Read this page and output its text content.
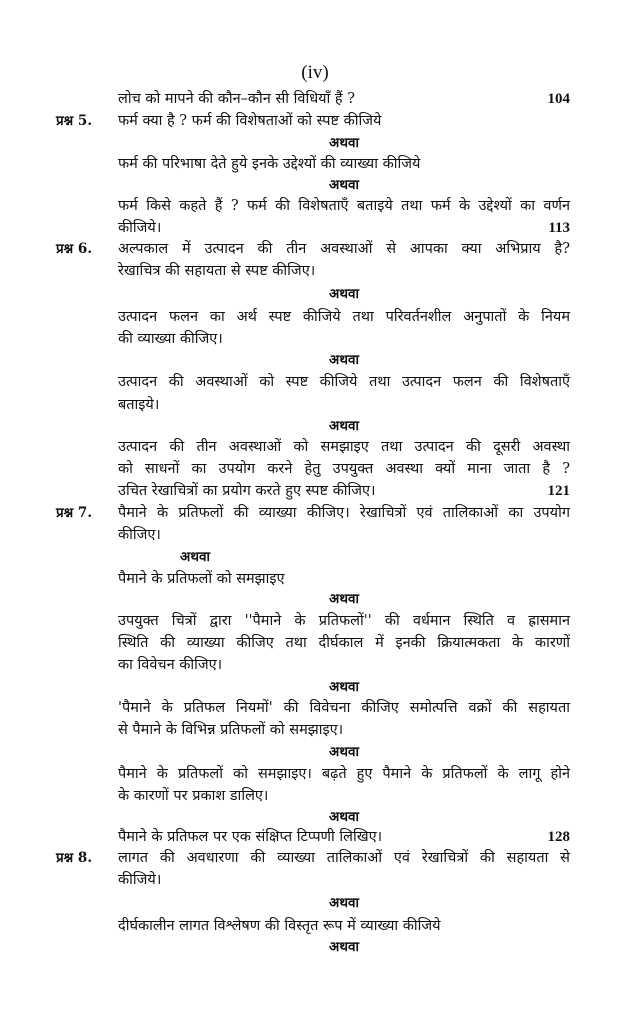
(iv)
लोच को मापने की कौन–कौन सी विधियाँ हैं ?	104
प्रश्न 5.	फर्म क्या है ? फर्म की विशेषताओं को स्पष्ट कीजिये
अथवा
फर्म की परिभाषा देते हुये इनके उद्देश्यों की व्याख्या कीजिये
अथवा
फर्म किसे कहते हैं ? फर्म की विशेषताएँ बताइये तथा फर्म के उद्देश्यों का वर्णन
कीजिये।	113
प्रश्न 6.	अल्पकाल में उत्पादन की तीन अवस्थाओं से आपका क्या अभिप्राय है?
रेखाचित्र की सहायता से स्पष्ट कीजिए।
अथवा
उत्पादन फलन का अर्थ स्पष्ट कीजिये तथा परिवर्तनशील अनुपातों के नियम
की व्याख्या कीजिए।
अथवा
उत्पादन की अवस्थाओं को स्पष्ट कीजिये तथा उत्पादन फलन की विशेषताएँ
बताइये।
अथवा
उत्पादन की तीन अवस्थाओं को समझाइए तथा उत्पादन की दूसरी अवस्था
को साधनों का उपयोग करने हेतु उपयुक्त अवस्था क्यों माना जाता है ?
उचित रेखाचित्रों का प्रयोग करते हुए स्पष्ट कीजिए।	121
प्रश्न 7.	पैमाने के प्रतिफलों की व्याख्या कीजिए। रेखाचित्रों एवं तालिकाओं का उपयोग
कीजिए।
अथवा
पैमाने के प्रतिफलों को समझाइए
अथवा
उपयुक्त चित्रों द्वारा ''पैमाने के प्रतिफलों'' की वर्धमान स्थिति व ह्रासमान
स्थिति की व्याख्या कीजिए तथा दीर्घकाल में इनकी क्रियात्मकता के कारणों
का विवेचन कीजिए।
अथवा
'पैमाने के प्रतिफल नियमों' की विवेचना कीजिए समोत्पत्ति वक्रों की सहायता
से पैमाने के विभिन्न प्रतिफलों को समझाइए।
अथवा
पैमाने के प्रतिफलों को समझाइए। बढ़ते हुए पैमाने के प्रतिफलों के लागू होने
के कारणों पर प्रकाश डालिए।
अथवा
पैमाने के प्रतिफल पर एक संक्षिप्त टिप्पणी लिखिए।	128
प्रश्न 8.	लागत की अवधारणा की व्याख्या तालिकाओं एवं रेखाचित्रों की सहायता से
कीजिये।
अथवा
दीर्घकालीन लागत विश्लेषण की विस्तृत रूप में व्याख्या कीजिये
अथवा
